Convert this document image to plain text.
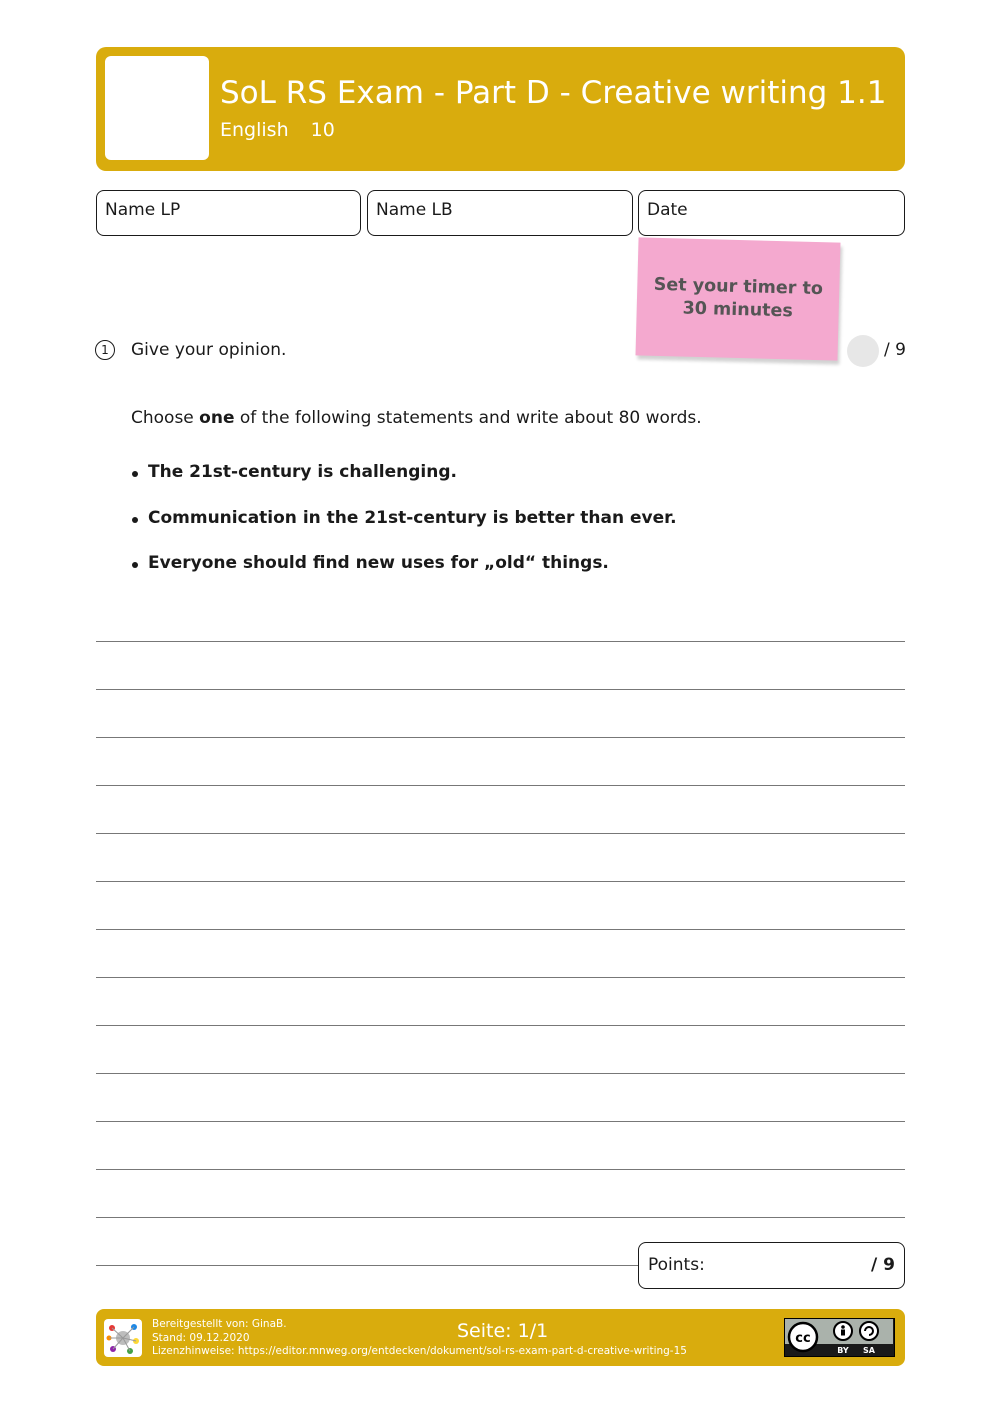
SoL RS Exam - Part D - Creative writing 1.1
English 10
Name LP	Name LB	Date
Set your timer to
30 minutes
1 Give your opinion.	/ 9
Choose one of the following statements and write about 80 words.
The 21st-century is challenging.
Communication in the 21st-century is better than ever.
Everyone should find new uses for „old“ things.
Points:	/ 9
Bereitgestellt von: GinaB.
Stand: 09.12.2020
Lizenzhinweise: https://editor.mnweg.org/entdecken/dokument/sol-rs-exam-part-d-creative-writing-15
Seite: 1/1	cc
BY SA
